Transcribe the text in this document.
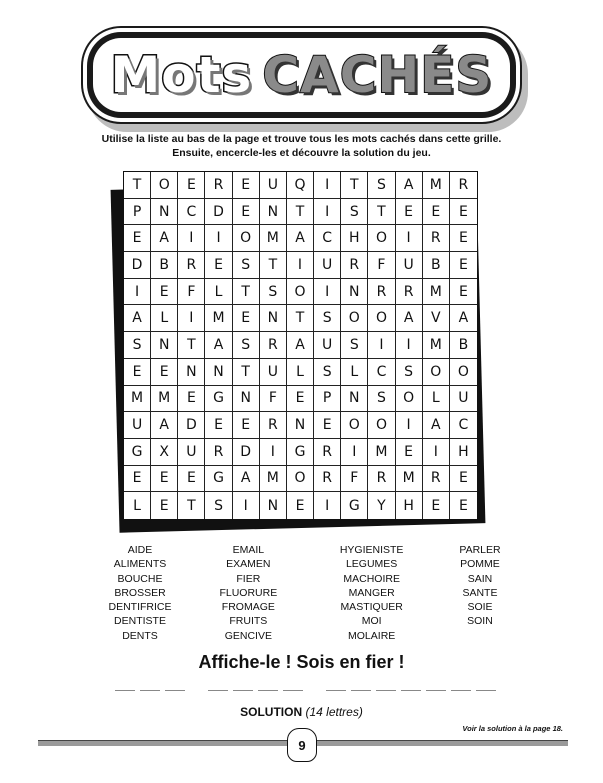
Mots CACHÉS
Utilise la liste au bas de la page et trouve tous les mots cachés dans cette grille.
Ensuite, encercle-les et découvre la solution du jeu.
T	O	E	R	E	U	Q	I	T	S	A	M	R
P	N	C	D	E	N	T	I	S	T	E	E	E
E	A	I	I	O	M	A	C	H	O	I	R	E
D	B	R	E	S	T	I	U	R	F	U	B	E
I	E	F	L	T	S	O	I	N	R	R	M	E
A	L	I	M	E	N	T	S	O	O	A	V	A
S	N	T	A	S	R	A	U	S	I	I	M	B
E	E	N	N	T	U	L	S	L	C	S	O	O
M	M	E	G	N	F	E	P	N	S	O	L	U
U	A	D	E	E	R	N	E	O	O	I	A	C
G	X	U	R	D	I	G	R	I	M	E	I	H
E	E	E	G	A	M	O	R	F	R	M	R	E
L	E	T	S	I	N	E	I	G	Y	H	E	E
AIDE
ALIMENTS
BOUCHE
BROSSER
DENTIFRICE
DENTISTE
DENTS
EMAIL
EXAMEN
FIER
FLUORURE
FROMAGE
FRUITS
GENCIVE
HYGIENISTE
LEGUMES
MACHOIRE
MANGER
MASTIQUER
MOI
MOLAIRE
PARLER
POMME
SAIN
SANTE
SOIE
SOIN
Affiche-le ! Sois en fier !
SOLUTION (14 lettres)
Voir la solution à la page 18.
9
